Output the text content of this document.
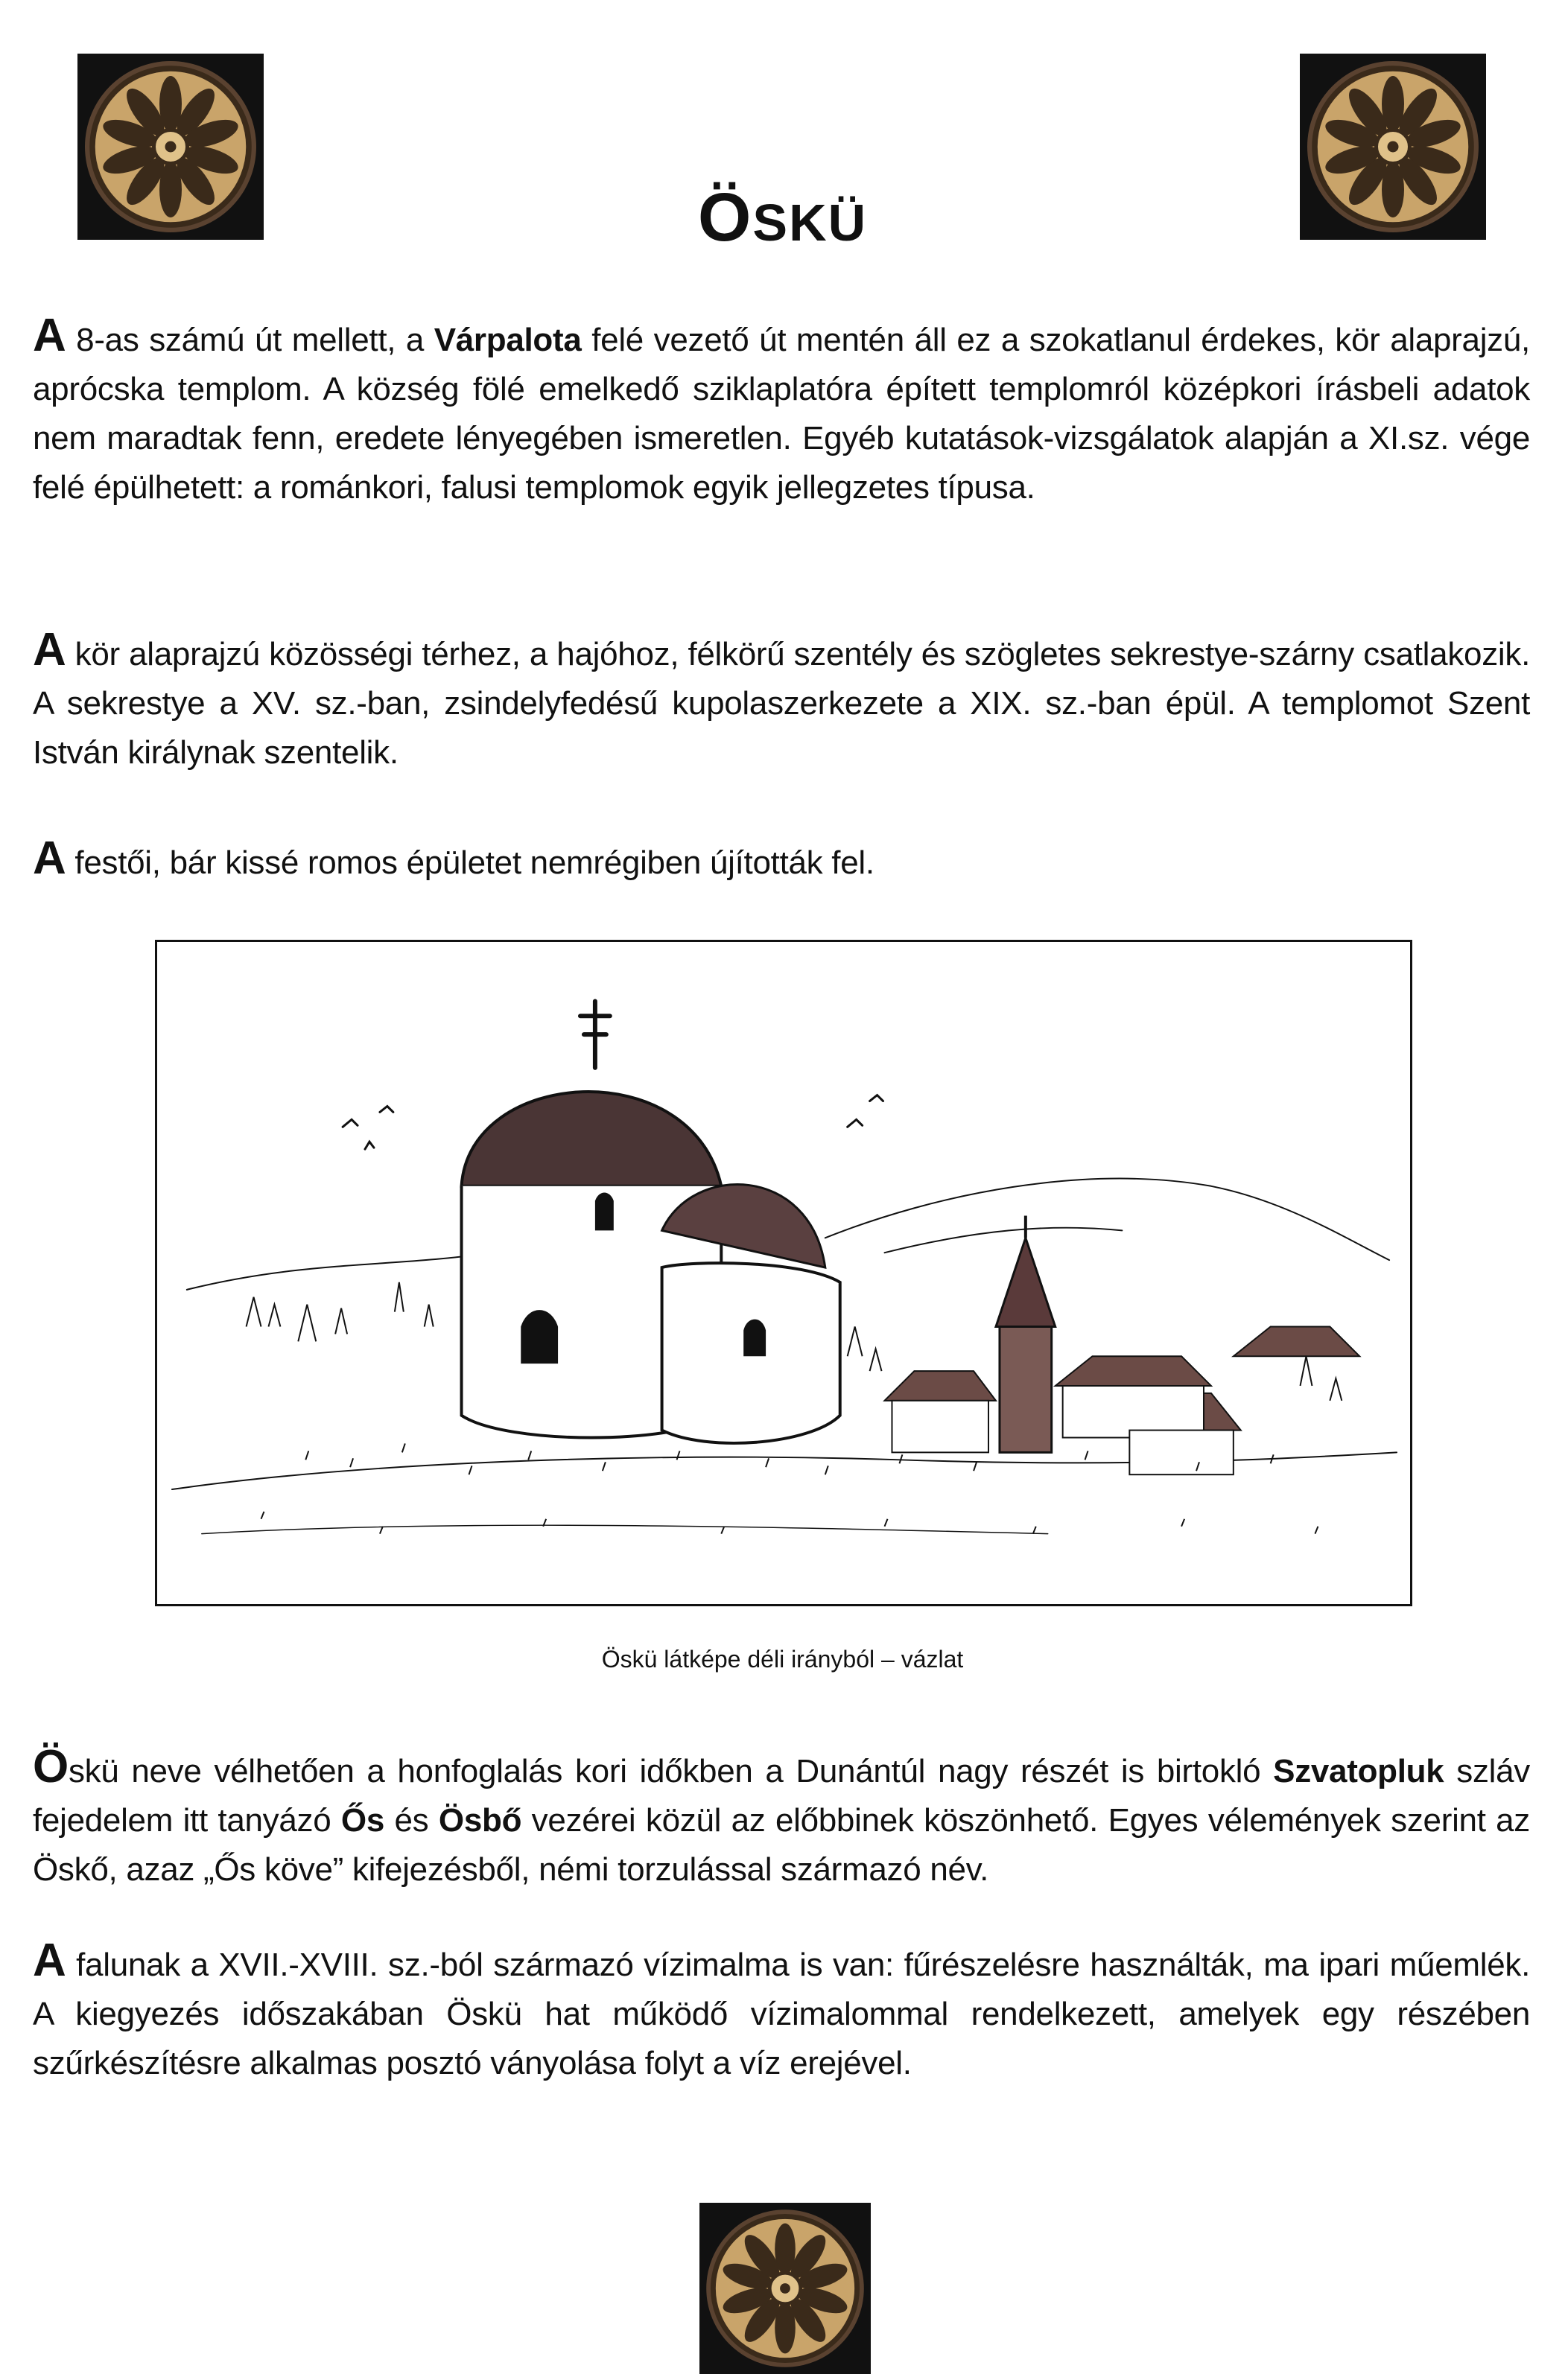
ÖSKÜ
A 8-as számú út mellett, a Várpalota felé vezető út mentén áll ez a szokatlanul érdekes, kör alaprajzú, aprócska templom. A község fölé emelkedő sziklaplatóra épített templomról középkori írásbeli adatok nem maradtak fenn, eredete lényegében ismeretlen. Egyéb kutatások-vizsgálatok alapján a XI.sz. vége felé épülhetett: a románkori, falusi templomok egyik jellegzetes típusa.
A kör alaprajzú közösségi térhez, a hajóhoz, félkörű szentély és szögletes sekrestye-szárny csatlakozik. A sekrestye a XV. sz.-ban, zsindelyfedésű kupolaszerkezete a XIX. sz.-ban épül. A templomot Szent István királynak szentelik.
A festői, bár kissé romos épületet nemrégiben újították fel.
Öskü látképe déli irányból – vázlat
Öskü neve vélhetően a honfoglalás kori időkben a Dunántúl nagy részét is birtokló Szvatopluk szláv fejedelem itt tanyázó Ős és Ösbő vezérei közül az előbbinek köszönhető. Egyes vélemények szerint az Öskő, azaz „Ős köve” kifejezésből, némi torzulással származó név.
A falunak a XVII.-XVIII. sz.-ból származó vízimalma is van: fűrészelésre használták, ma ipari műemlék. A kiegyezés időszakában Öskü hat működő vízimalommal rendelkezett, amelyek egy részében szűrkészítésre alkalmas posztó ványolása folyt a víz erejével.
